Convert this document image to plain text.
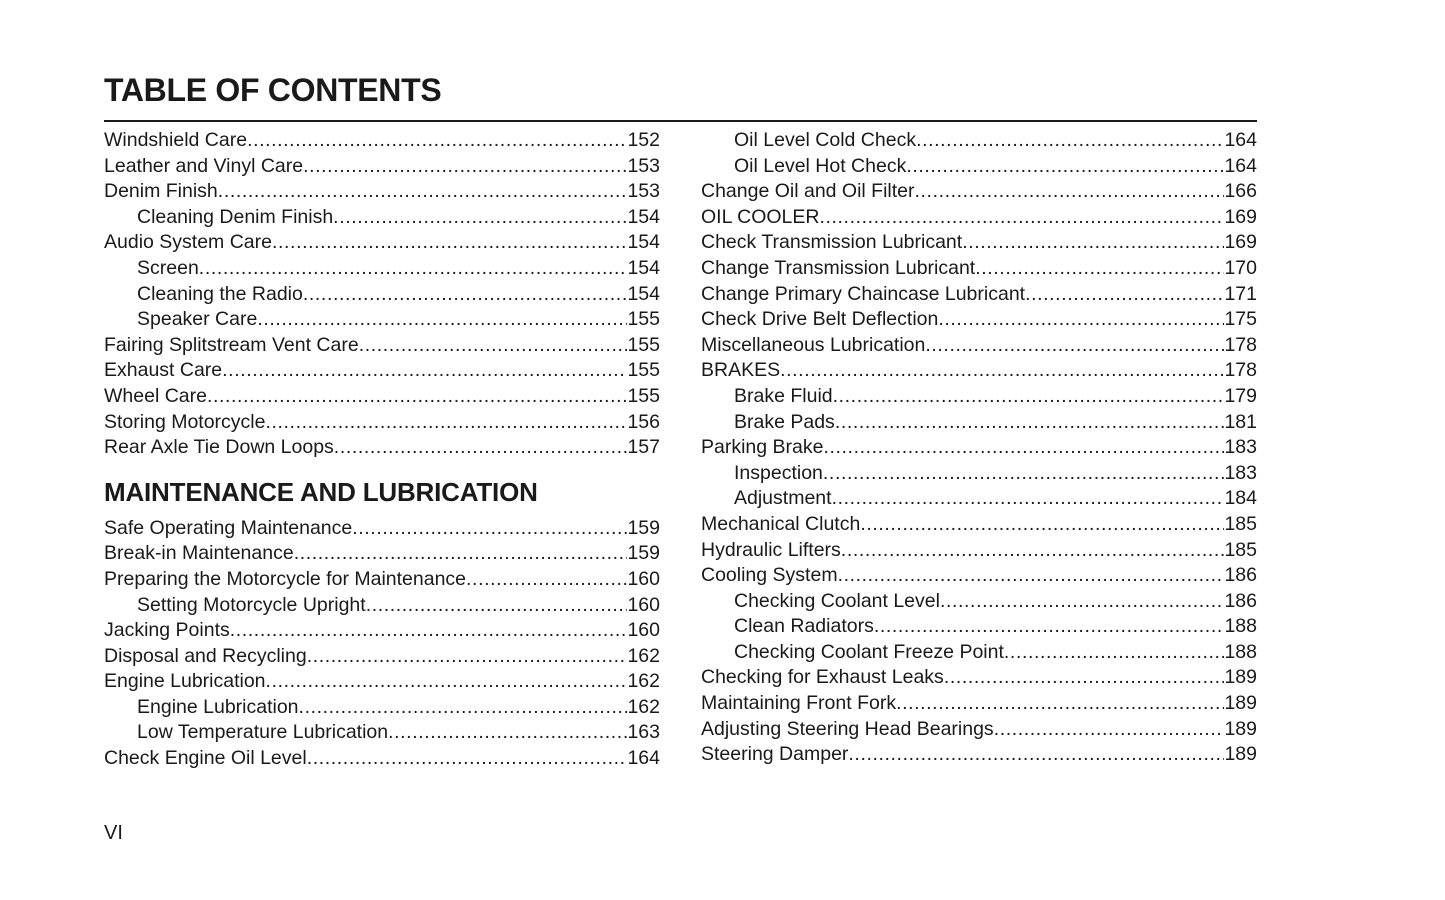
TABLE OF CONTENTS
Windshield Care .....	152
Leather and Vinyl Care .....	153
Denim Finish .....	153
Cleaning Denim Finish .....	154
Audio System Care .....	154
Screen .....	154
Cleaning the Radio .....	154
Speaker Care .....	155
Fairing Splitstream Vent Care .....	155
Exhaust Care .....	155
Wheel Care .....	155
Storing Motorcycle .....	156
Rear Axle Tie Down Loops .....	157
MAINTENANCE AND LUBRICATION
Safe Operating Maintenance .....	159
Break-in Maintenance .....	159
Preparing the Motorcycle for Maintenance .....	160
Setting Motorcycle Upright .....	160
Jacking Points .....	160
Disposal and Recycling .....	162
Engine Lubrication .....	162
Engine Lubrication .....	162
Low Temperature Lubrication .....	163
Check Engine Oil Level .....	164
Oil Level Cold Check .....	164
Oil Level Hot Check .....	164
Change Oil and Oil Filter .....	166
OIL COOLER .....	169
Check Transmission Lubricant .....	169
Change Transmission Lubricant .....	170
Change Primary Chaincase Lubricant .....	171
Check Drive Belt Deflection .....	175
Miscellaneous Lubrication .....	178
BRAKES .....	178
Brake Fluid .....	179
Brake Pads .....	181
Parking Brake .....	183
Inspection .....	183
Adjustment .....	184
Mechanical Clutch .....	185
Hydraulic Lifters .....	185
Cooling System .....	186
Checking Coolant Level .....	186
Clean Radiators .....	188
Checking Coolant Freeze Point .....	188
Checking for Exhaust Leaks .....	189
Maintaining Front Fork .....	189
Adjusting Steering Head Bearings .....	189
Steering Damper .....	189
VI
